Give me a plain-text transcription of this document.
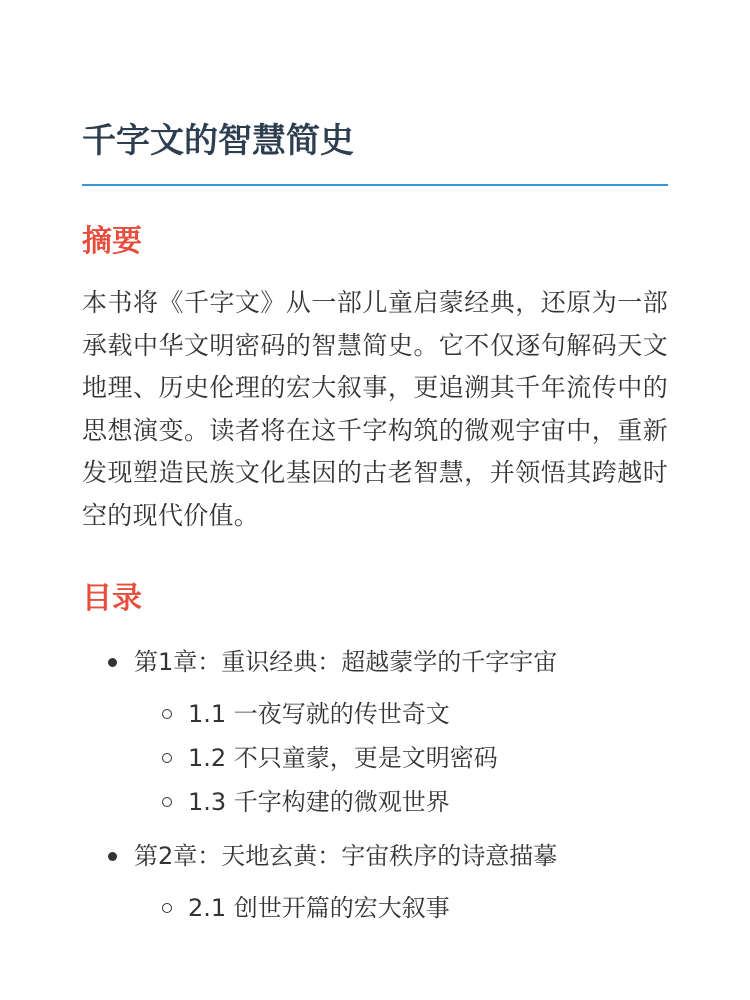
千字文的智慧简史
摘要

本书将《千字文》从一部儿童启蒙经典，还原为一部承载中华文明密码的智慧简史。它不仅逐句解码天文地理、历史伦理的宏大叙事，更追溯其千年流传中的思想演变。读者将在这千字构筑的微观宇宙中，重新发现塑造民族文化基因的古老智慧，并领悟其跨越时空的现代价值。

目录
第1章：重识经典：超越蒙学的千字宇宙
1.1 一夜写就的传世奇文
1.2 不只童蒙，更是文明密码
1.3 千字构建的微观世界
第2章：天地玄黄：宇宙秩序的诗意描摹
2.1 创世开篇的宏大叙事
